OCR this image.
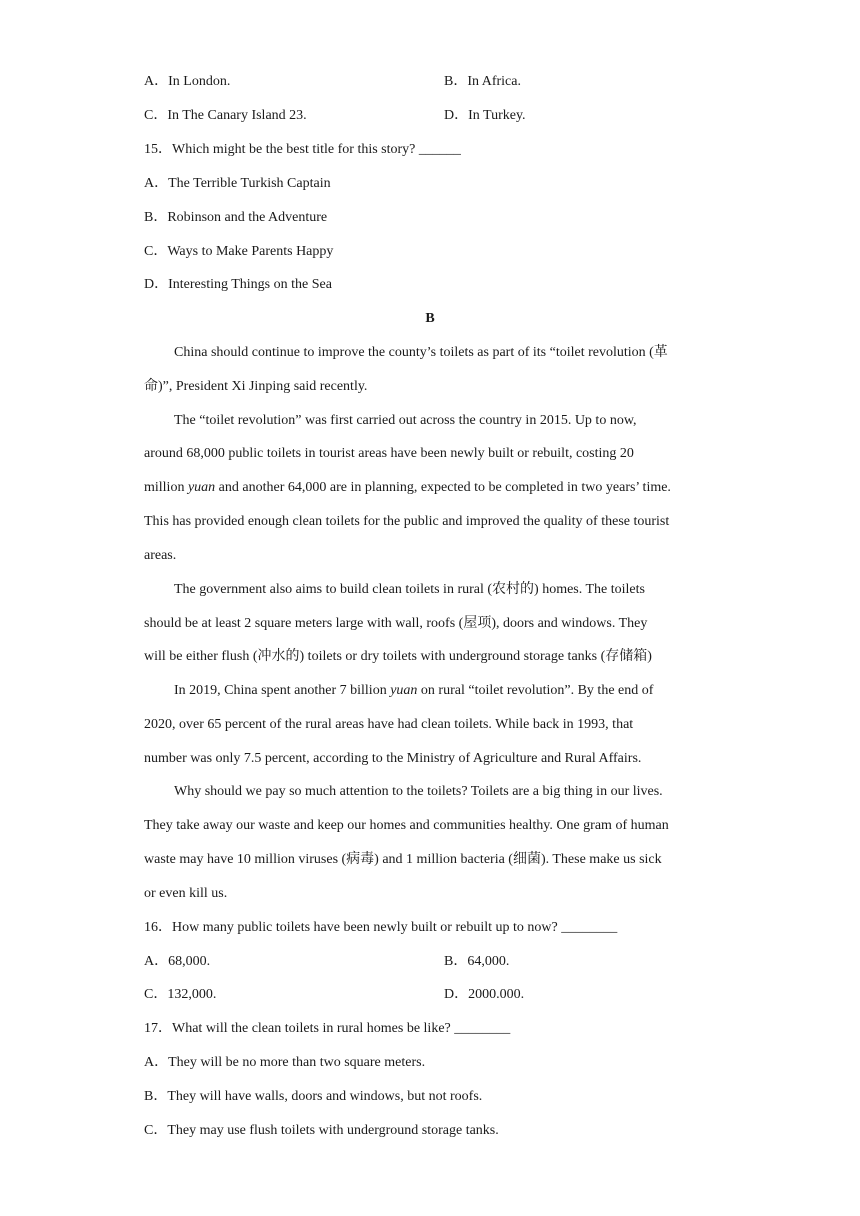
A．In London.	B．In Africa.
C．In The Canary Island 23.	D．In Turkey.
15．Which might be the best title for this story? ______
A．The Terrible Turkish Captain
B．Robinson and the Adventure
C．Ways to Make Parents Happy
D．Interesting Things on the Sea
B
China should continue to improve the county’s toilets as part of its “toilet revolution (革
命)”, President Xi Jinping said recently.
The “toilet revolution” was first carried out across the country in 2015. Up to now,
around 68,000 public toilets in tourist areas have been newly built or rebuilt, costing 20
million yuan and another 64,000 are in planning, expected to be completed in two years’ time.
This has provided enough clean toilets for the public and improved the quality of these tourist
areas.
The government also aims to build clean toilets in rural (农村的) homes. The toilets
should be at least 2 square meters large with wall, roofs (屋项), doors and windows. They
will be either flush (冲水的) toilets or dry toilets with underground storage tanks (存储箱)
In 2019, China spent another 7 billion yuan on rural “toilet revolution”. By the end of
2020, over 65 percent of the rural areas have had clean toilets. While back in 1993, that
number was only 7.5 percent, according to the Ministry of Agriculture and Rural Affairs.
Why should we pay so much attention to the toilets? Toilets are a big thing in our lives.
They take away our waste and keep our homes and communities healthy. One gram of human
waste may have 10 million viruses (病毒) and 1 million bacteria (细菌). These make us sick
or even kill us.
16．How many public toilets have been newly built or rebuilt up to now? ________
A．68,000.	B．64,000.
C．132,000.	D．2000.000.
17．What will the clean toilets in rural homes be like? ________
A．They will be no more than two square meters.
B．They will have walls, doors and windows, but not roofs.
C．They may use flush toilets with underground storage tanks.
